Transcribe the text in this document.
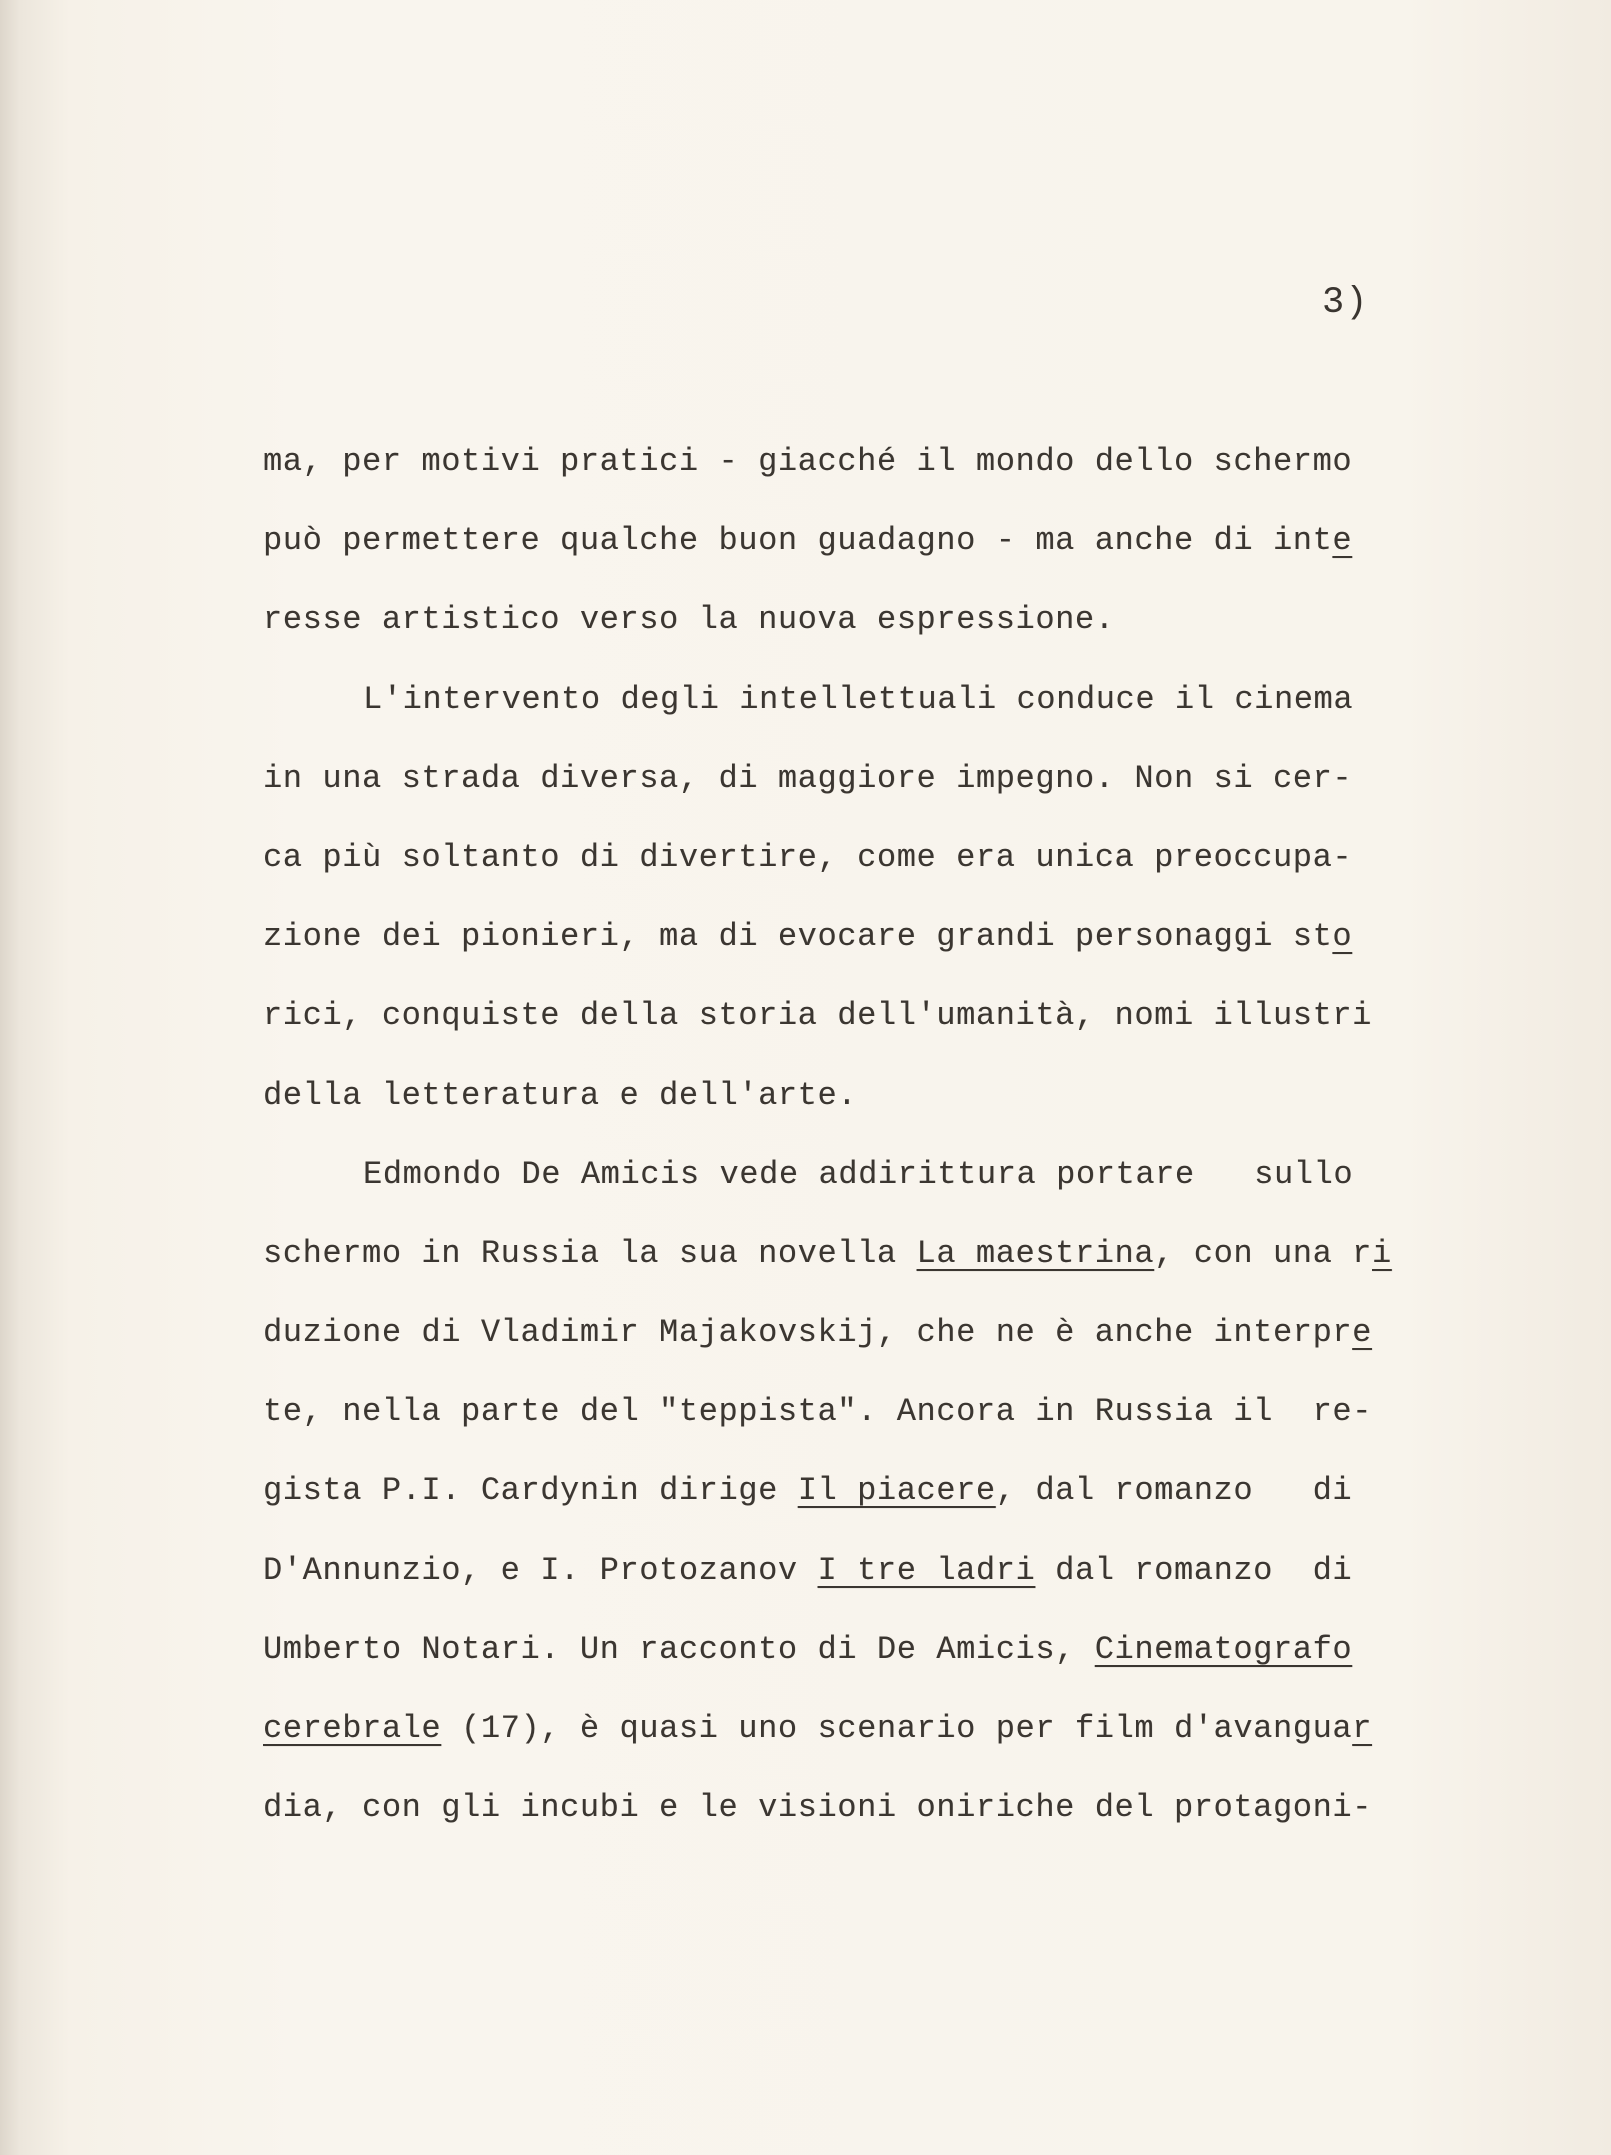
3)
ma, per motivi pratici - giacché il mondo dello schermo
può permettere qualche buon guadagno - ma anche di inte
resse artistico verso la nuova espressione.
L'intervento degli intellettuali conduce il cinema
in una strada diversa, di maggiore impegno. Non si cer-
ca più soltanto di divertire, come era unica preoccupa-
zione dei pionieri, ma di evocare grandi personaggi sto
rici, conquiste della storia dell'umanità, nomi illustri
della letteratura e dell'arte.
Edmondo De Amicis vede addirittura portare   sullo
schermo in Russia la sua novella La maestrina, con una ri
duzione di Vladimir Majakovskij, che ne è anche interpre
te, nella parte del "teppista". Ancora in Russia il  re-
gista P.I. Cardynin dirige Il piacere, dal romanzo   di
D'Annunzio, e I. Protozanov I tre ladri dal romanzo  di
Umberto Notari. Un racconto di De Amicis, Cinematografo
cerebrale (17), è quasi uno scenario per film d'avanguar
dia, con gli incubi e le visioni oniriche del protagoni-
